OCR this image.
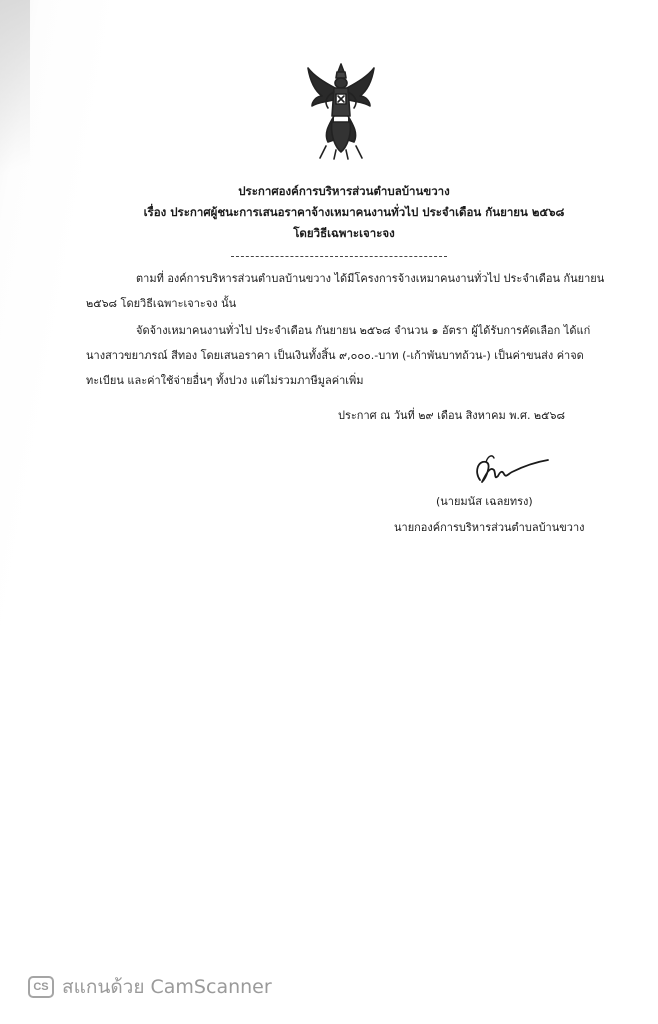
ประกาศองค์การบริหารส่วนตำบลบ้านขวาง
เรื่อง ประกาศผู้ชนะการเสนอราคาจ้างเหมาคนงานทั่วไป ประจำเดือน กันยายน ๒๕๖๘
โดยวิธีเฉพาะเจาะจง
ตามที่ องค์การบริหารส่วนตำบลบ้านขวาง ได้มีโครงการจ้างเหมาคนงานทั่วไป ประจำเดือน กันยายน
๒๕๖๘ โดยวิธีเฉพาะเจาะจง นั้น
จัดจ้างเหมาคนงานทั่วไป ประจำเดือน กันยายน ๒๕๖๘ จำนวน ๑ อัตรา ผู้ได้รับการคัดเลือก ได้แก่
นางสาวขยาภรณ์ สีทอง โดยเสนอราคา เป็นเงินทั้งสิ้น ๙,๐๐๐.-บาท (-เก้าพันบาทถ้วน-) เป็นค่าขนส่ง ค่าจด
ทะเบียน และค่าใช้จ่ายอื่นๆ ทั้งปวง แต่ไม่รวมภาษีมูลค่าเพิ่ม
ประกาศ ณ วันที่ ๒๙ เดือน สิงหาคม พ.ศ. ๒๕๖๘
(นายมนัส เฉลยทรง)
นายกองค์การบริหารส่วนตำบลบ้านขวาง
CS สแกนด้วย CamScanner
